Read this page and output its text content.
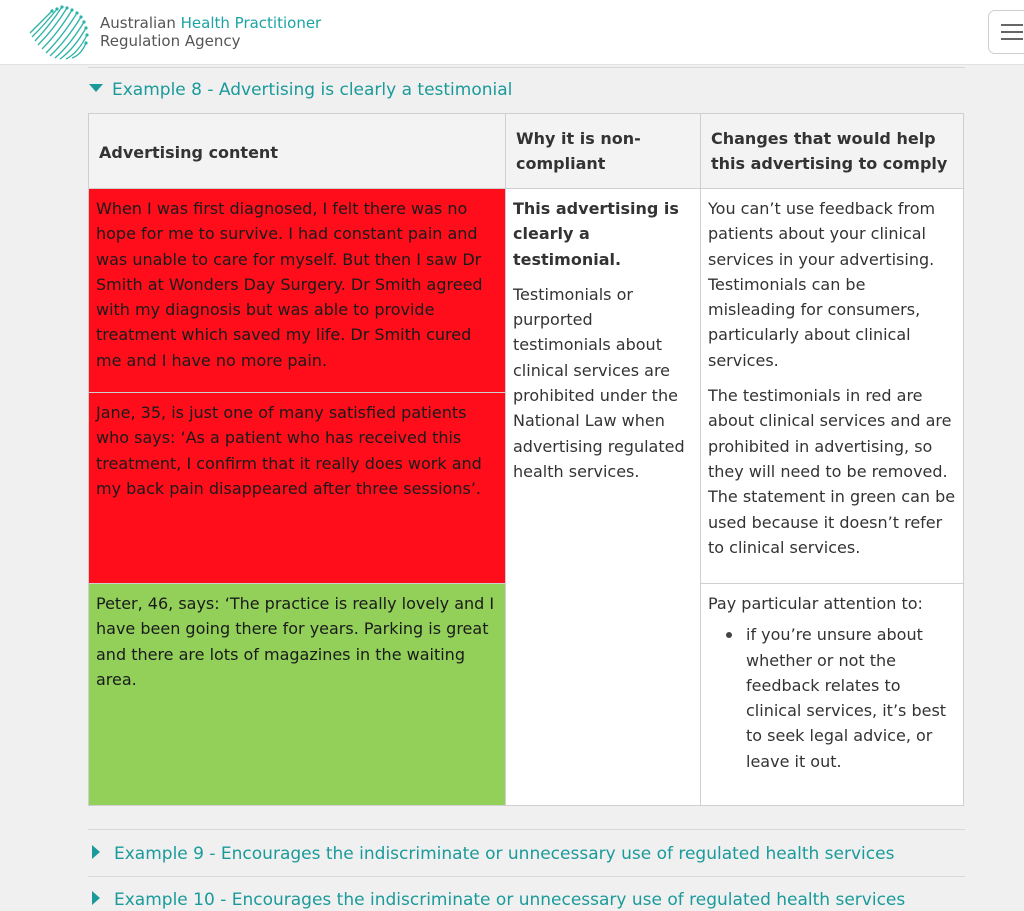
Australian Health Practitioner
Regulation Agency
Example 8 - Advertising is clearly a testimonial
Advertising content
Why it is non-compliant
Changes that would help this advertising to comply
When I was first diagnosed, I felt there was no hope for me to survive. I had constant pain and was unable to care for myself. But then I saw Dr Smith at Wonders Day Surgery. Dr Smith agreed with my diagnosis but was able to provide treatment which saved my life. Dr Smith cured me and I have no more pain.
Jane, 35, is just one of many satisfied patients who says: ‘As a patient who has received this treatment, I confirm that it really does work and my back pain disappeared after three sessions’.
Peter, 46, says: ‘The practice is really lovely and I have been going there for years. Parking is great and there are lots of magazines in the waiting area.

This advertising is clearly a testimonial.

Testimonials or purported testimonials about clinical services are prohibited under the National Law when advertising regulated health services.

You can’t use feedback from patients about your clinical services in your advertising. Testimonials can be misleading for consumers, particularly about clinical services.

The testimonials in red are about clinical services and are prohibited in advertising, so they will need to be removed. The statement in green can be used because it doesn’t refer to clinical services.

Pay particular attention to:

if you’re unsure about whether or not the feedback relates to clinical services, it’s best to seek legal advice, or leave it out.
Example 9 - Encourages the indiscriminate or unnecessary use of regulated health services
Example 10 - Encourages the indiscriminate or unnecessary use of regulated health services
